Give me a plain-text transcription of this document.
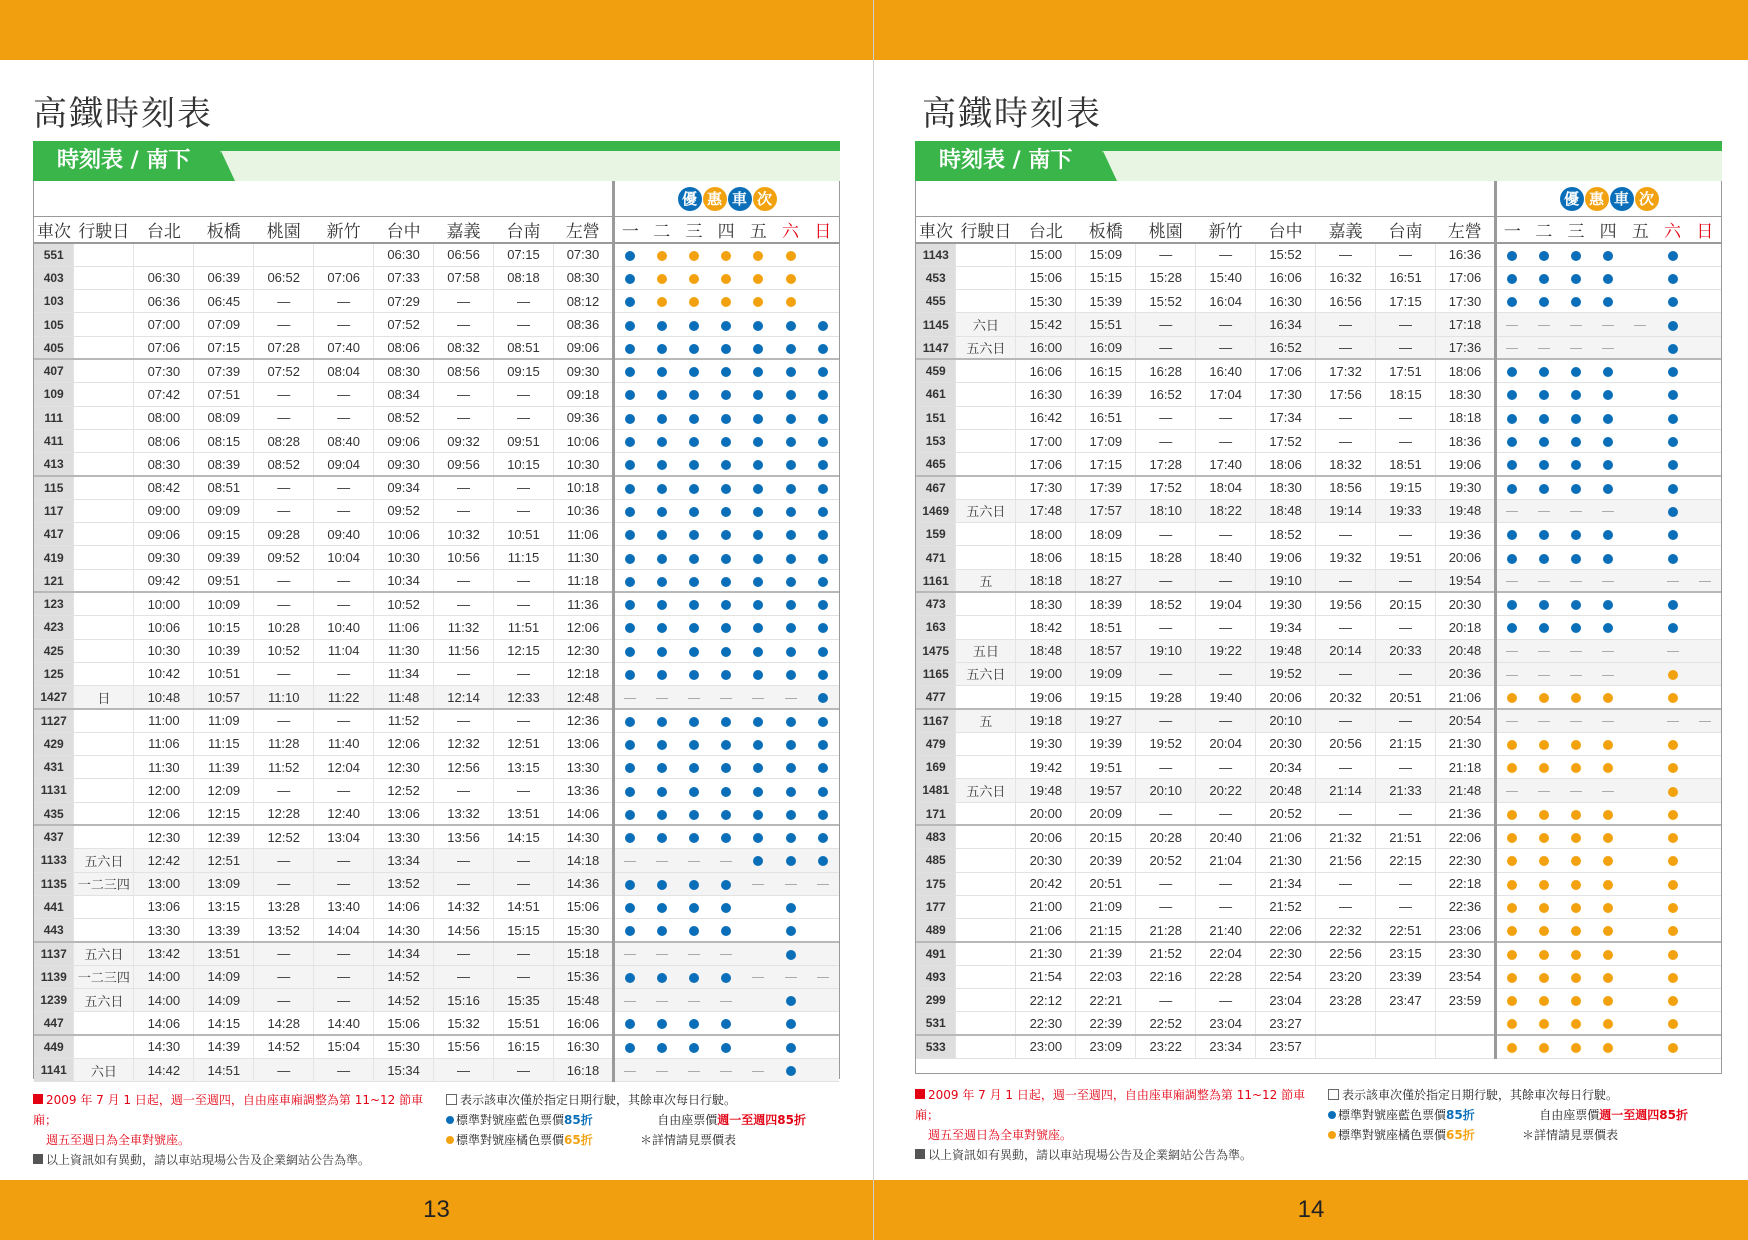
高鐵時刻表
時刻表 / 南下

										優 惠 車 次						

車次	行駛日	台北	板橋	桃園	新竹	台中	嘉義	台南	左營	一	二	三	四	五	六	日
551						06:30	06:56	07:15	07:30							
403		06:30	06:39	06:52	07:06	07:33	07:58	08:18	08:30							
103		06:36	06:45	—	—	07:29	—	—	08:12							
105		07:00	07:09	—	—	07:52	—	—	08:36							
405		07:06	07:15	07:28	07:40	08:06	08:32	08:51	09:06							
407		07:30	07:39	07:52	08:04	08:30	08:56	09:15	09:30							
109		07:42	07:51	—	—	08:34	—	—	09:18							
111		08:00	08:09	—	—	08:52	—	—	09:36							
411		08:06	08:15	08:28	08:40	09:06	09:32	09:51	10:06							
413		08:30	08:39	08:52	09:04	09:30	09:56	10:15	10:30							
115		08:42	08:51	—	—	09:34	—	—	10:18							
117		09:00	09:09	—	—	09:52	—	—	10:36							
417		09:06	09:15	09:28	09:40	10:06	10:32	10:51	11:06							
419		09:30	09:39	09:52	10:04	10:30	10:56	11:15	11:30							
121		09:42	09:51	—	—	10:34	—	—	11:18							
123		10:00	10:09	—	—	10:52	—	—	11:36							
423		10:06	10:15	10:28	10:40	11:06	11:32	11:51	12:06							
425		10:30	10:39	10:52	11:04	11:30	11:56	12:15	12:30							
125		10:42	10:51	—	—	11:34	—	—	12:18							
1427	日	10:48	10:57	11:10	11:22	11:48	12:14	12:33	12:48							
1127		11:00	11:09	—	—	11:52	—	—	12:36							
429		11:06	11:15	11:28	11:40	12:06	12:32	12:51	13:06							
431		11:30	11:39	11:52	12:04	12:30	12:56	13:15	13:30							
1131		12:00	12:09	—	—	12:52	—	—	13:36							
435		12:06	12:15	12:28	12:40	13:06	13:32	13:51	14:06							
437		12:30	12:39	12:52	13:04	13:30	13:56	14:15	14:30							
1133	五六日	12:42	12:51	—	—	13:34	—	—	14:18							
1135	一二三四	13:00	13:09	—	—	13:52	—	—	14:36							
441		13:06	13:15	13:28	13:40	14:06	14:32	14:51	15:06							
443		13:30	13:39	13:52	14:04	14:30	14:56	15:15	15:30							
1137	五六日	13:42	13:51	—	—	14:34	—	—	15:18							
1139	一二三四	14:00	14:09	—	—	14:52	—	—	15:36							
1239	五六日	14:00	14:09	—	—	14:52	15:16	15:35	15:48							
447		14:06	14:15	14:28	14:40	15:06	15:32	15:51	16:06							
449		14:30	14:39	14:52	15:04	15:30	15:56	16:15	16:30							
1141	六日	14:42	14:51	—	—	15:34	—	—	16:18							
2009 年 7 月 1 日起，週一至週四，自由座車廂調整為第 11~12 節車廂；
週五至週日為全車對號座。
以上資訊如有異動，請以車站現場公告及企業網站公告為準。
表示該車次僅於指定日期行駛，其餘車次每日行駛。
標準對號座藍色票價85折	自由座票價週一至週四85折
標準對號座橘色票價65折	＊詳情請見票價表
13
高鐵時刻表
時刻表 / 南下

										優 惠 車 次						

車次	行駛日	台北	板橋	桃園	新竹	台中	嘉義	台南	左營	一	二	三	四	五	六	日
1143		15:00	15:09	—	—	15:52	—	—	16:36							
453		15:06	15:15	15:28	15:40	16:06	16:32	16:51	17:06							
455		15:30	15:39	15:52	16:04	16:30	16:56	17:15	17:30							
1145	六日	15:42	15:51	—	—	16:34	—	—	17:18							
1147	五六日	16:00	16:09	—	—	16:52	—	—	17:36							
459		16:06	16:15	16:28	16:40	17:06	17:32	17:51	18:06							
461		16:30	16:39	16:52	17:04	17:30	17:56	18:15	18:30							
151		16:42	16:51	—	—	17:34	—	—	18:18							
153		17:00	17:09	—	—	17:52	—	—	18:36							
465		17:06	17:15	17:28	17:40	18:06	18:32	18:51	19:06							
467		17:30	17:39	17:52	18:04	18:30	18:56	19:15	19:30							
1469	五六日	17:48	17:57	18:10	18:22	18:48	19:14	19:33	19:48							
159		18:00	18:09	—	—	18:52	—	—	19:36							
471		18:06	18:15	18:28	18:40	19:06	19:32	19:51	20:06							
1161	五	18:18	18:27	—	—	19:10	—	—	19:54							
473		18:30	18:39	18:52	19:04	19:30	19:56	20:15	20:30							
163		18:42	18:51	—	—	19:34	—	—	20:18							
1475	五日	18:48	18:57	19:10	19:22	19:48	20:14	20:33	20:48							
1165	五六日	19:00	19:09	—	—	19:52	—	—	20:36							
477		19:06	19:15	19:28	19:40	20:06	20:32	20:51	21:06							
1167	五	19:18	19:27	—	—	20:10	—	—	20:54							
479		19:30	19:39	19:52	20:04	20:30	20:56	21:15	21:30							
169		19:42	19:51	—	—	20:34	—	—	21:18							
1481	五六日	19:48	19:57	20:10	20:22	20:48	21:14	21:33	21:48							
171		20:00	20:09	—	—	20:52	—	—	21:36							
483		20:06	20:15	20:28	20:40	21:06	21:32	21:51	22:06							
485		20:30	20:39	20:52	21:04	21:30	21:56	22:15	22:30							
175		20:42	20:51	—	—	21:34	—	—	22:18							
177		21:00	21:09	—	—	21:52	—	—	22:36							
489		21:06	21:15	21:28	21:40	22:06	22:32	22:51	23:06							
491		21:30	21:39	21:52	22:04	22:30	22:56	23:15	23:30							
493		21:54	22:03	22:16	22:28	22:54	23:20	23:39	23:54							
299		22:12	22:21	—	—	23:04	23:28	23:47	23:59							
531		22:30	22:39	22:52	23:04	23:27										
533		23:00	23:09	23:22	23:34	23:57										
2009 年 7 月 1 日起，週一至週四，自由座車廂調整為第 11~12 節車廂；
週五至週日為全車對號座。
以上資訊如有異動，請以車站現場公告及企業網站公告為準。
表示該車次僅於指定日期行駛，其餘車次每日行駛。
標準對號座藍色票價85折	自由座票價週一至週四85折
標準對號座橘色票價65折	＊詳情請見票價表
14
